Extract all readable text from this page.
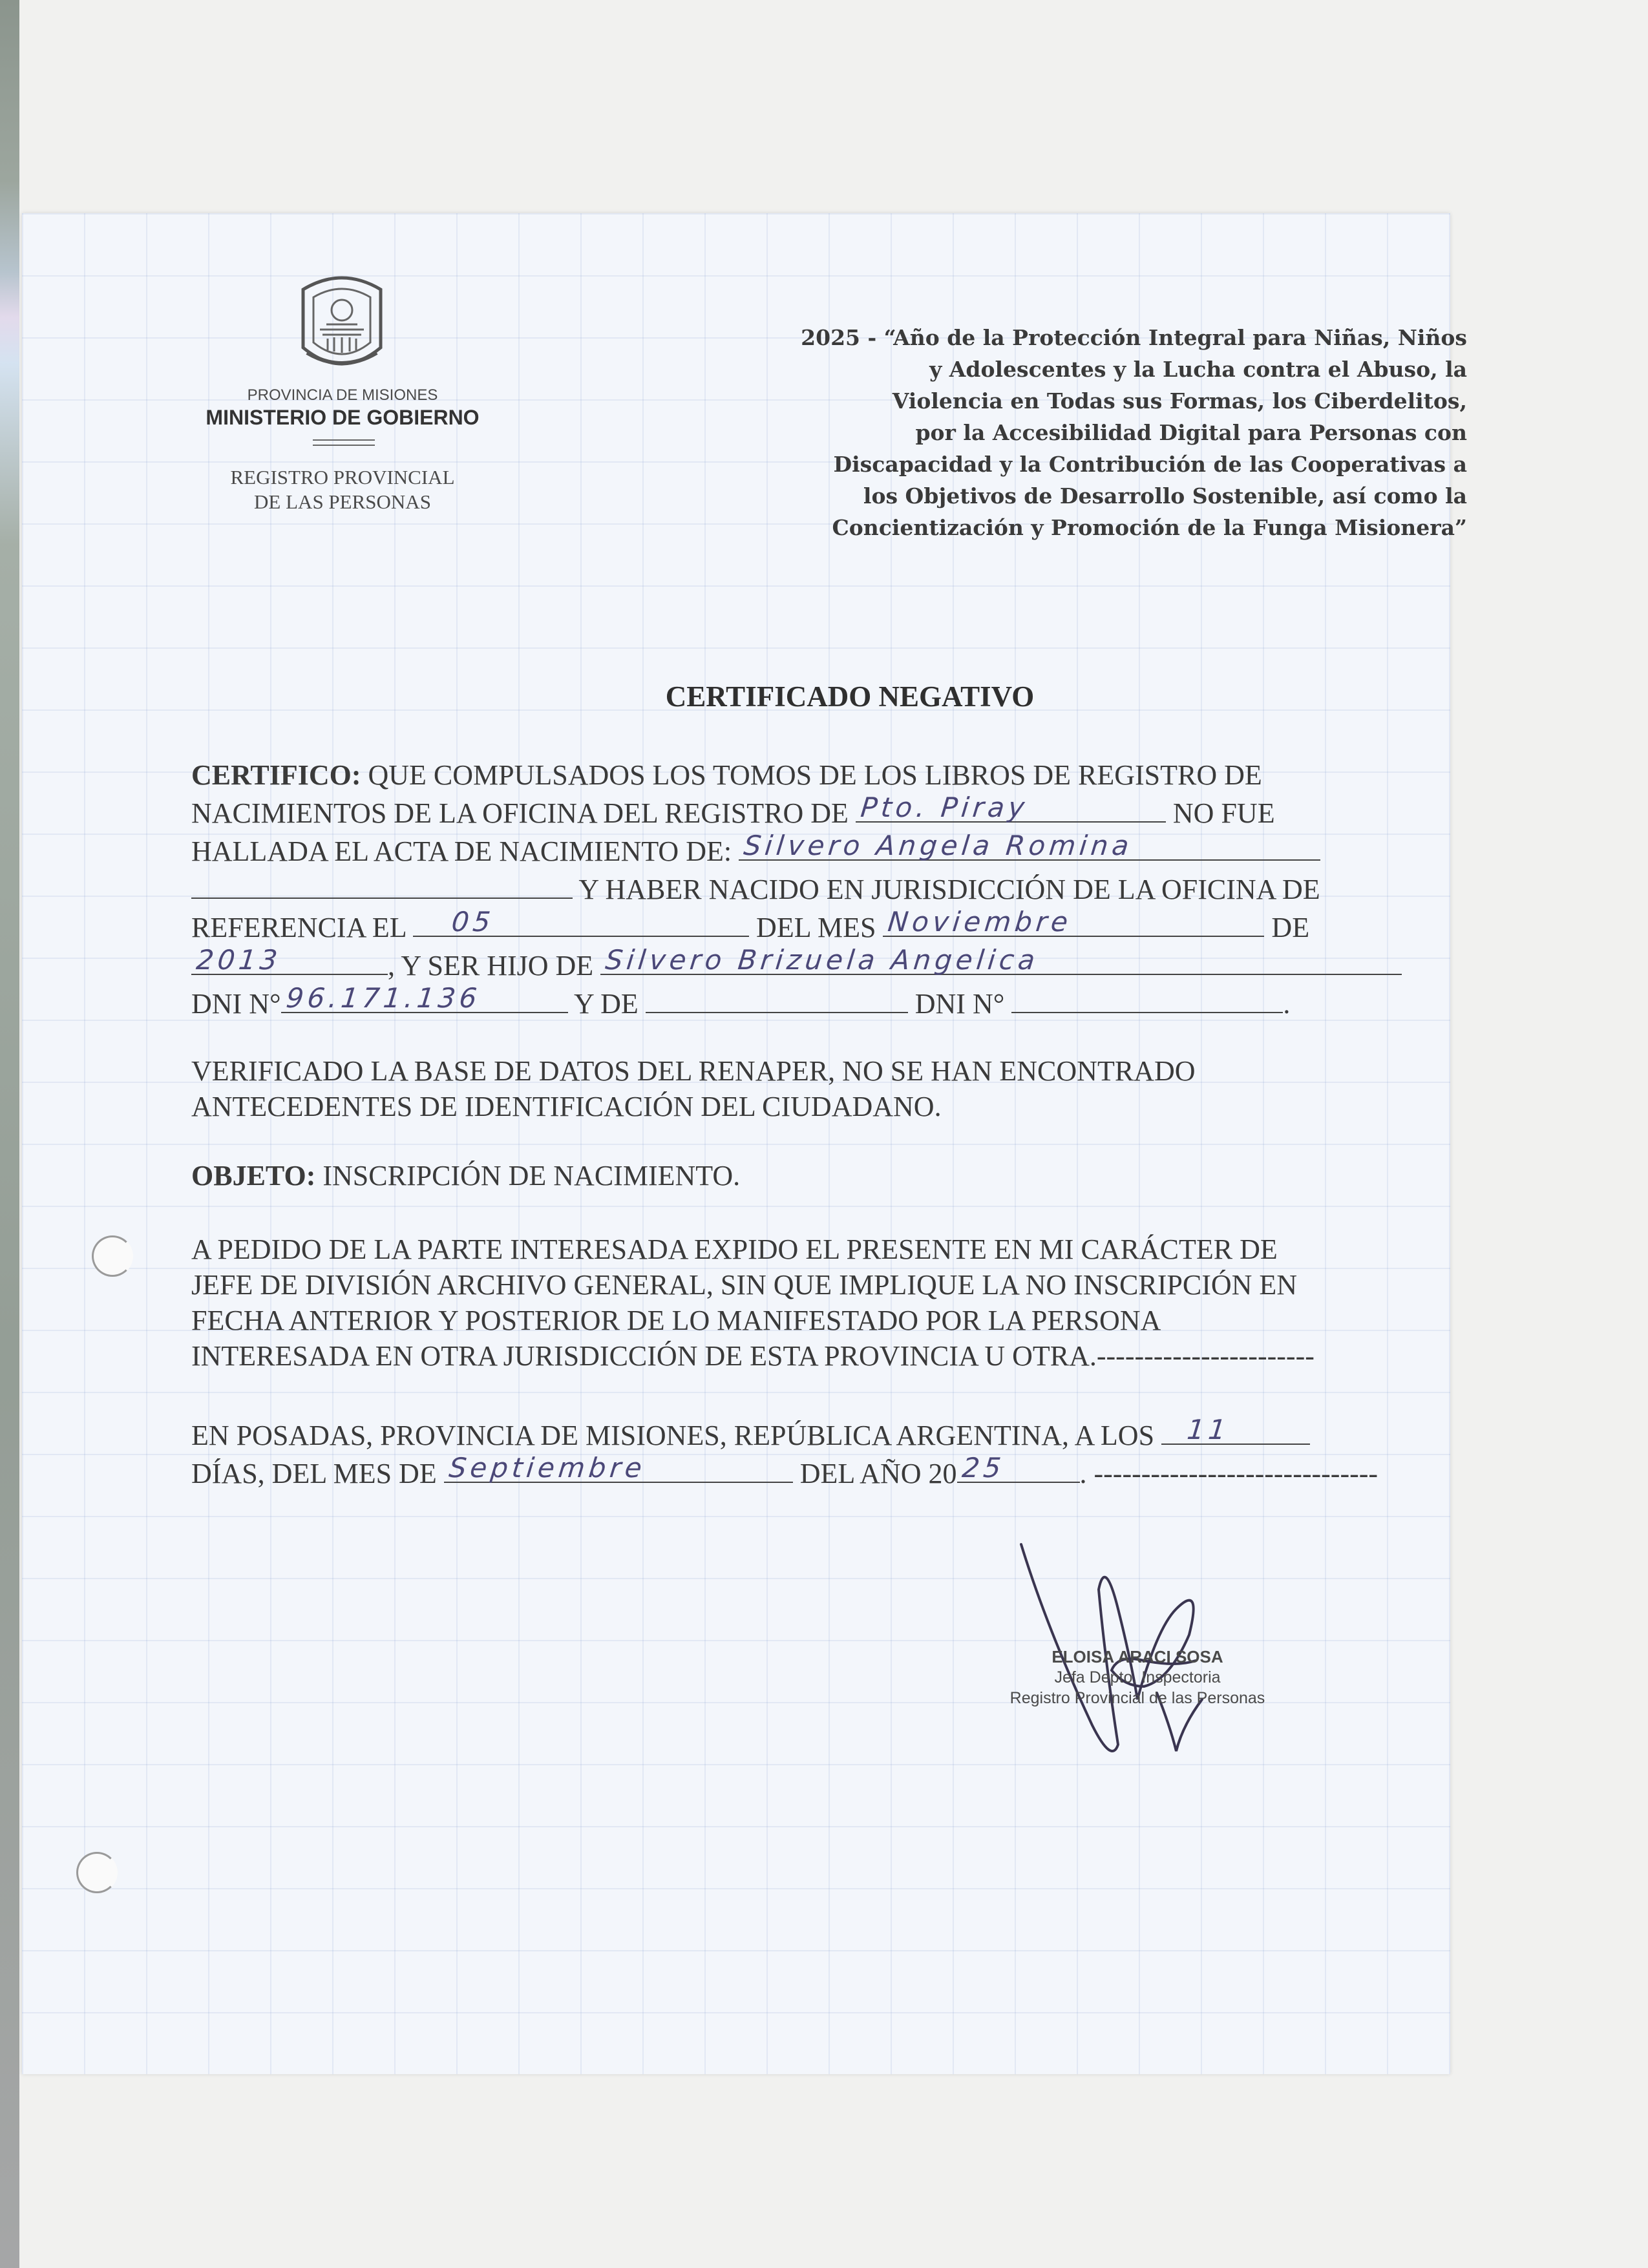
PROVINCIA DE MISIONES
MINISTERIO DE GOBIERNO
REGISTRO PROVINCIAL
DE LAS PERSONAS
2025 - “Año de la Protección Integral para Niñas, Niños
y Adolescentes y la Lucha contra el Abuso, la
Violencia en Todas sus Formas, los Ciberdelitos,
por la Accesibilidad Digital para Personas con
Discapacidad y la Contribución de las Cooperativas a
los Objetivos de Desarrollo Sostenible, así como la
Concientización y Promoción de la Funga Misionera”
CERTIFICADO NEGATIVO
CERTIFICO: QUE COMPULSADOS LOS TOMOS DE LOS LIBROS DE REGISTRO DE
NACIMIENTOS DE LA OFICINA DEL REGISTRO DE Pto. Piray	NO FUE
HALLADA EL ACTA DE NACIMIENTO DE: Silvero Angela Romina
Y HABER NACIDO EN JURISDICCIÓN DE LA OFICINA DE
REFERENCIA EL 05	DEL MES Noviembre	DE
2013	, Y SER HIJO DE Silvero Brizuela Angelica
DNI N° 96.171.136	Y DE	DNI N°	.
VERIFICADO LA BASE DE DATOS DEL RENAPER, NO SE HAN ENCONTRADO
ANTECEDENTES DE IDENTIFICACIÓN DEL CIUDADANO.
OBJETO: INSCRIPCIÓN DE NACIMIENTO.
A PEDIDO DE LA PARTE INTERESADA EXPIDO EL PRESENTE EN MI CARÁCTER DE
JEFE DE DIVISIÓN ARCHIVO GENERAL, SIN QUE IMPLIQUE LA NO INSCRIPCIÓN EN
FECHA ANTERIOR Y POSTERIOR DE LO MANIFESTADO POR LA PERSONA
INTERESADA EN OTRA JURISDICCIÓN DE ESTA PROVINCIA U OTRA.-----------------------
EN POSADAS, PROVINCIA DE MISIONES, REPÚBLICA ARGENTINA, A LOS 11
DÍAS, DEL MES DE Septiembre	DEL AÑO 20 25	. ------------------------------
ELOISA ARACI SOSA
Jefa Depto. Inspectoria
Registro Provincial de las Personas
